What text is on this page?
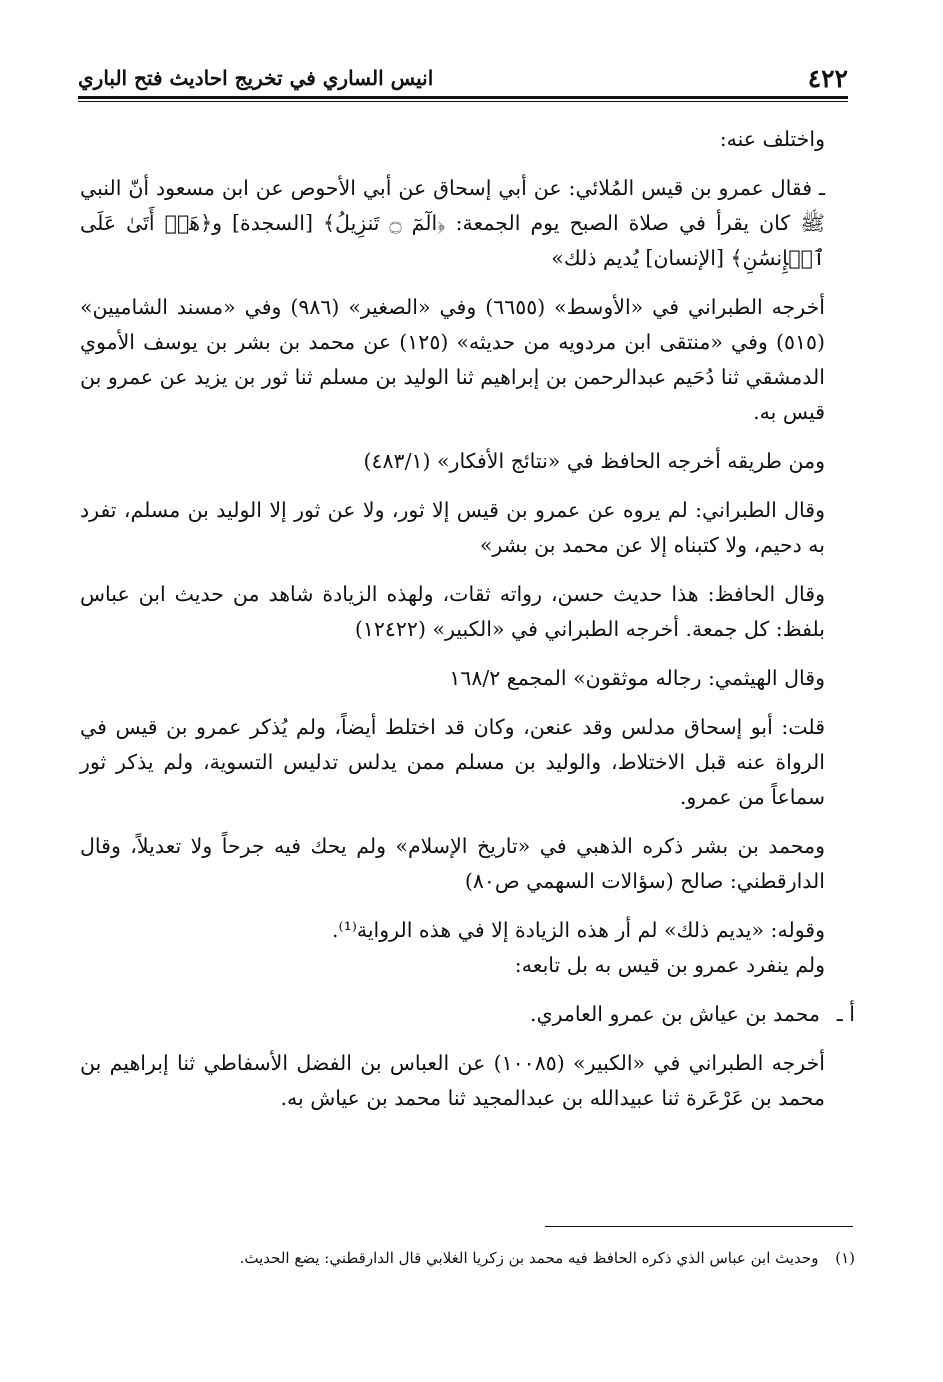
٤٢٢
انيس الساري في تخريج احاديث فتح الباري

واختلف عنه:

ـ فقال عمرو بن قيس المُلائي: عن أبي إسحاق عن أبي الأحوص عن ابن مسعود أنّ النبي ﷺ كان يقرأ في صلاة الصبح يوم الجمعة: ﴿الٓمٓ ۝ تَنزِيلُ﴾ [السجدة] و﴿هَلۡ أَتَىٰ عَلَى ٱلۡإِنسَٰنِ﴾ [الإنسان] يُديم ذلك»

أخرجه الطبراني في «الأوسط» (٦٦٥٥) وفي «الصغير» (٩٨٦) وفي «مسند الشاميين» (٥١٥) وفي «منتقى ابن مردويه من حديثه» (١٢٥) عن محمد بن بشر بن يوسف الأموي الدمشقي ثنا دُحَيم عبدالرحمن بن إبراهيم ثنا الوليد بن مسلم ثنا ثور بن يزيد عن عمرو بن قيس به.

ومن طريقه أخرجه الحافظ في «نتائج الأفكار» (٤٨٣/١)

وقال الطبراني: لم يروه عن عمرو بن قيس إلا ثور، ولا عن ثور إلا الوليد بن مسلم، تفرد به دحيم، ولا كتبناه إلا عن محمد بن بشر»

وقال الحافظ: هذا حديث حسن، رواته ثقات، ولهذه الزيادة شاهد من حديث ابن عباس بلفظ: كل جمعة. أخرجه الطبراني في «الكبير» (١٢٤٢٢)

وقال الهيثمي: رجاله موثقون» المجمع ١٦٨/٢

قلت: أبو إسحاق مدلس وقد عنعن، وكان قد اختلط أيضاً، ولم يُذكر عمرو بن قيس في الرواة عنه قبل الاختلاط، والوليد بن مسلم ممن يدلس تدليس التسوية، ولم يذكر ثور سماعاً من عمرو.

ومحمد بن بشر ذكره الذهبي في «تاريخ الإسلام» ولم يحك فيه جرحاً ولا تعديلاً، وقال الدارقطني: صالح (سؤالات السهمي ص٨٠)

وقوله: «يديم ذلك» لم أر هذه الزيادة إلا في هذه الرواية⁽¹⁾.

ولم ينفرد عمرو بن قيس به بل تابعه:

أ ـ
محمد بن عياش بن عمرو العامري.

أخرجه الطبراني في «الكبير» (١٠٠٨٥) عن العباس بن الفضل الأسفاطي ثنا إبراهيم بن محمد بن عَرْعَرة ثنا عبيدالله بن عبدالمجيد ثنا محمد بن عياش به.

(١) وحديث ابن عباس الذي ذكره الحافظ فيه محمد بن زكريا الغلابي قال الدارقطني: يضع الحديث.
